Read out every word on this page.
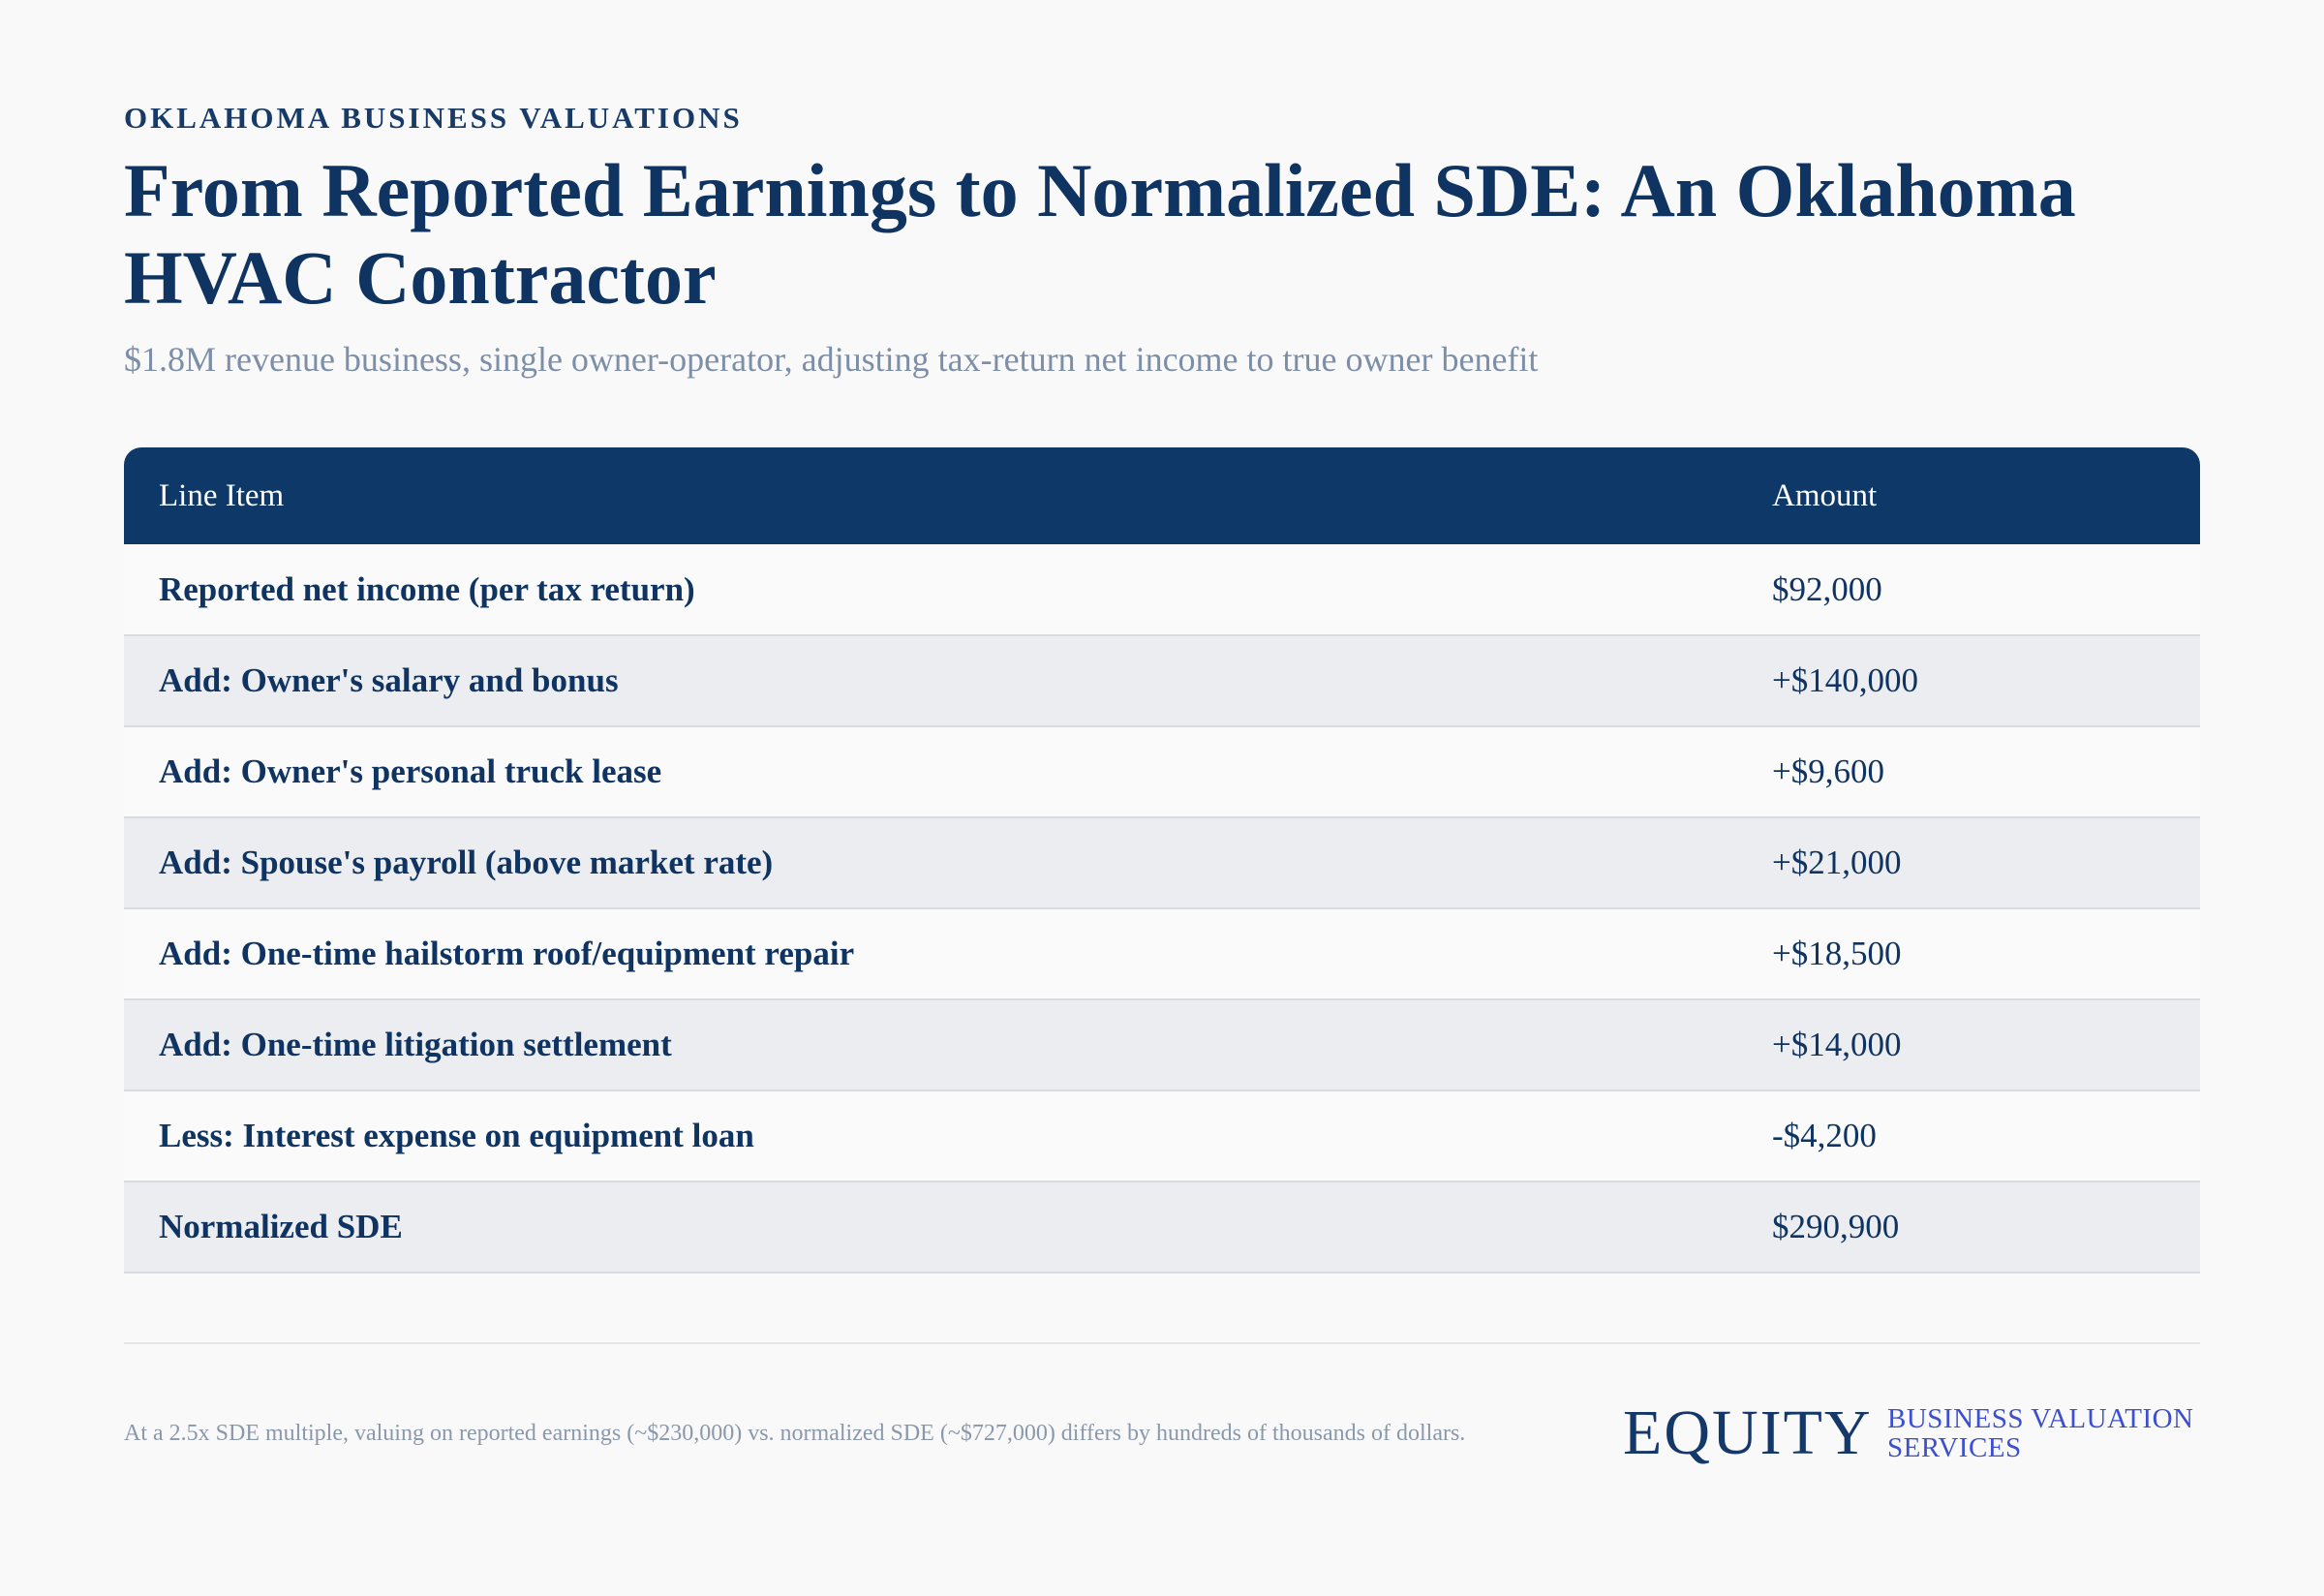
OKLAHOMA BUSINESS VALUATIONS
From Reported Earnings to Normalized SDE: An Oklahoma HVAC Contractor
$1.8M revenue business, single owner-operator, adjusting tax-return net income to true owner benefit
Line Item	Amount
Reported net income (per tax return)	$92,000
Add: Owner's salary and bonus	+$140,000
Add: Owner's personal truck lease	+$9,600
Add: Spouse's payroll (above market rate)	+$21,000
Add: One-time hailstorm roof/equipment repair	+$18,500
Add: One-time litigation settlement	+$14,000
Less: Interest expense on equipment loan	-$4,200
Normalized SDE	$290,900
At a 2.5x SDE multiple, valuing on reported earnings (~$230,000) vs. normalized SDE (~$727,000) differs by hundreds of thousands of dollars.	EQUITY BUSINESS VALUATION
SERVICES
